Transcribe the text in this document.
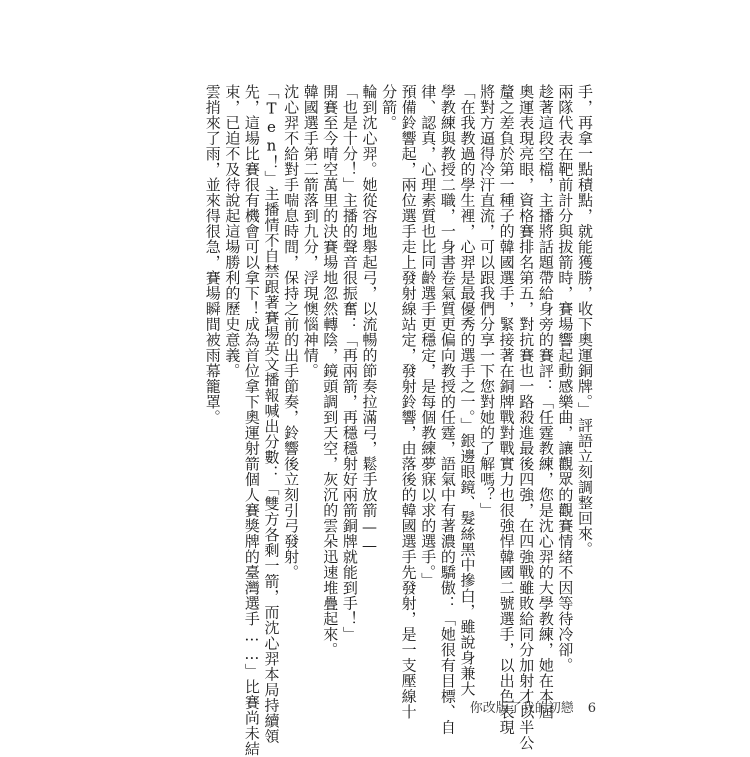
手，再拿一點積點，就能獲勝，收下奧運銅牌。」評語立刻調整回來。
兩隊代表在靶前計分與拔箭時，賽場響起動感樂曲，讓觀眾的觀賽情緒不因等待冷卻。
趁著這段空檔，主播將話題帶給身旁的賽評：「任霆教練，您是沈心羿的大學教練，她在本屆
奧運表現亮眼，資格賽排名第五，對抗賽也一路殺進最後四強，在四強戰雖敗給同分加射才以半公
釐之差負於第一種子的韓國選手，緊接著在銅牌戰對戰實力也很強悍韓國二號選手，以出色表現
將對方逼得冷汗直流，可以跟我們分享一下您對她的了解嗎？」
「在我教過的學生裡，心羿是最優秀的選手之一。」銀邊眼鏡、髮絲黑中摻白，雖說身兼大
學教練與教授二職，一身書卷氣質更偏向教授的任霆，語氣中有著濃的驕傲：「她很有目標、自
律、認真，心理素質也比同齡選手更穩定，是每個教練夢寐以求的選手。」
預備鈴響起，兩位選手走上發射線站定，發射鈴響，由落後的韓國選手先發射，是一支壓線十
分箭。
輪到沈心羿。她從容地舉起弓，以流暢的節奏拉滿弓，鬆手放箭——
「也是十分！」主播的聲音很振奮：「再兩箭，再穩穩射好兩箭銅牌就能到手！」
開賽至今晴空萬里的決賽場地忽然轉陰，鏡頭調到天空，灰沉的雲朵迅速堆疊起來。
韓國選手第二箭落到九分，浮現懊惱神情。
沈心羿不給對手喘息時間，保持之前的出手節奏，鈴響後立刻引弓發射。
「Ten！」主播情不自禁跟著賽場英文播報喊出分數：「雙方各剩一箭，而沈心羿本局持續領
先，這場比賽很有機會可以拿下！成為首位拿下奧運射箭個人賽獎牌的臺灣選手……」比賽尚未結
束，已迫不及待說起這場勝利的歷史意義。
雲捎來了雨，並來得很急，賽場瞬間被雨幕籠罩。
你改版了我的初戀 6
